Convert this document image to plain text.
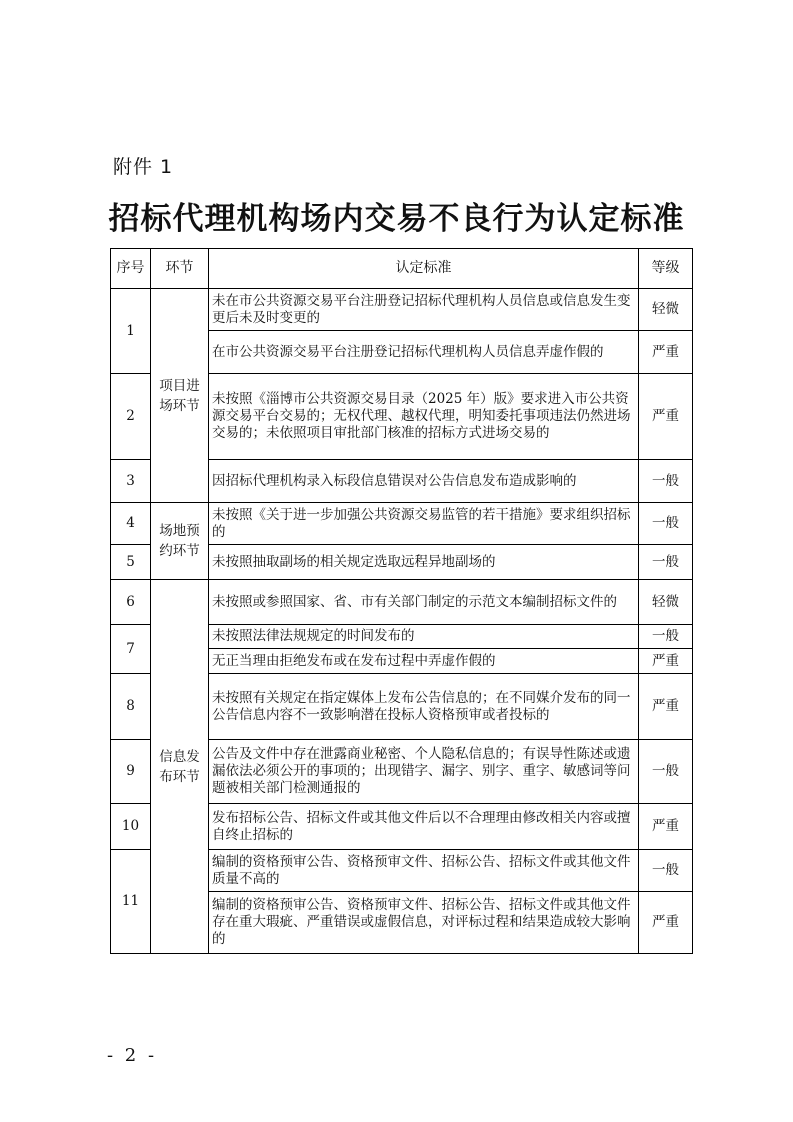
附件 1
招标代理机构场内交易不良行为认定标准
序号	环节	认定标准	等级
1	项目进场环节	未在市公共资源交易平台注册登记招标代理机构人员信息或信息发生变更后未及时变更的	轻微
		在市公共资源交易平台注册登记招标代理机构人员信息弄虚作假的	严重
2		未按照《淄博市公共资源交易目录（2025 年）版》要求进入市公共资源交易平台交易的；无权代理、越权代理，明知委托事项违法仍然进场交易的；未依照项目审批部门核准的招标方式进场交易的	严重
3		因招标代理机构录入标段信息错误对公告信息发布造成影响的	一般
4	场地预约环节	未按照《关于进一步加强公共资源交易监管的若干措施》要求组织招标的	一般
5		未按照抽取副场的相关规定选取远程异地副场的	一般
6	信息发布环节	未按照或参照国家、省、市有关部门制定的示范文本编制招标文件的	轻微
7		未按照法律法规规定的时间发布的	一般
		无正当理由拒绝发布或在发布过程中弄虚作假的	严重
8		未按照有关规定在指定媒体上发布公告信息的；在不同媒介发布的同一公告信息内容不一致影响潜在投标人资格预审或者投标的	严重
9		公告及文件中存在泄露商业秘密、个人隐私信息的；有误导性陈述或遗漏依法必须公开的事项的；出现错字、漏字、别字、重字、敏感词等问题被相关部门检测通报的	一般
10		发布招标公告、招标文件或其他文件后以不合理理由修改相关内容或擅自终止招标的	严重
11		编制的资格预审公告、资格预审文件、招标公告、招标文件或其他文件质量不高的	一般
		编制的资格预审公告、资格预审文件、招标公告、招标文件或其他文件存在重大瑕疵、严重错误或虚假信息，对评标过程和结果造成较大影响的	严重
- 2 -
